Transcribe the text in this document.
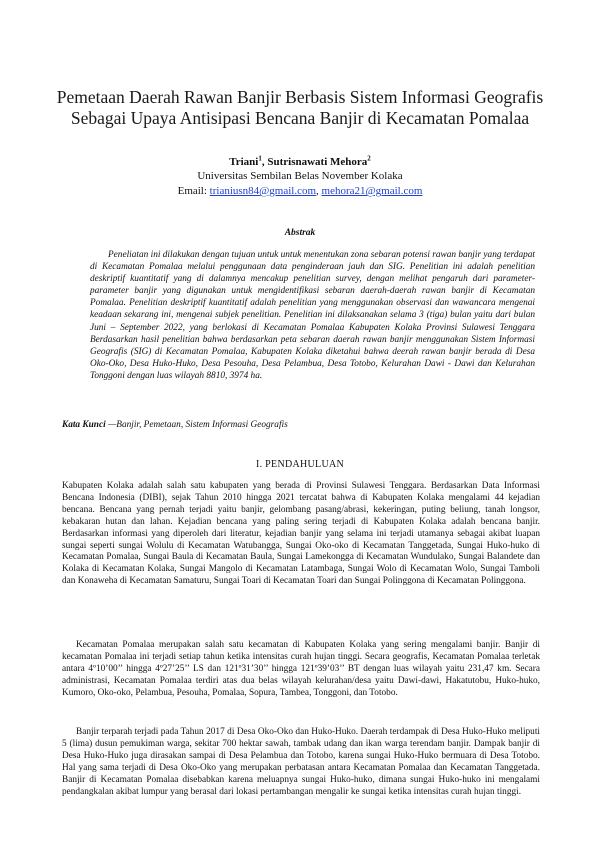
Pemetaan Daerah Rawan Banjir Berbasis Sistem Informasi Geografis Sebagai Upaya Antisipasi Bencana Banjir di Kecamatan Pomalaa
Triani$^1$, Sutrisnawati Mehora$^2$
Universitas Sembilan Belas November Kolaka
Email: trianiusn84@gmail.com, mehora21@gmail.com
Abstrak
Peneliatan ini dilakukan dengan tujuan untuk untuk menentukan zona sebaran potensi rawan banjir yang terdapat di Kecamatan Pomalaa melalui penggunaan data penginderaan jauh dan SIG. Penelitian ini adalah penelitian deskriptif kuantitatif yang di dalamnya mencakup penelitian survey, dengan melihat pengaruh dari parameter-parameter banjir yang digunakan untuk mengidentifikasi sebaran daerah-daerah rawan banjir di Kecamatan Pomalaa. Penelitian deskriptif kuantitatif adalah penelitian yang menggunakan observasi dan wawancara mengenai keadaan sekarang ini, mengenai subjek penelitian. Penelitian ini dilaksanakan selama 3 (tiga) bulan yaitu dari bulan Juni – September 2022, yang berlokasi di Kecamatan Pomalaa Kabupaten Kolaka Provinsi Sulawesi Tenggara Berdasarkan hasil penelitian bahwa berdasarkan peta sebaran daerah rawan banjir menggunakan Sistem Informasi Geografis (SIG) di Kecamatan Pomalaa, Kabupaten Kolaka diketahui bahwa deerah rawan banjir berada di Desa Oko-Oko, Desa Huko-Huko, Desa Pesouha, Desa Pelambua, Desa Totobo, Kelurahan Dawi - Dawi dan Kelurahan Tonggoni dengan luas wilayah 8810, 3974 ha.
Kata Kunci —Banjir, Pemetaan, Sistem Informasi Geografis
I. PENDAHULUAN
Kabupaten Kolaka adalah salah satu kabupaten yang berada di Provinsi Sulawesi Tenggara. Berdasarkan Data Informasi Bencana Indonesia (DIBI), sejak Tahun 2010 hingga 2021 tercatat bahwa di Kabupaten Kolaka mengalami 44 kejadian bencana. Bencana yang pernah terjadi yaitu banjir, gelombang pasang/abrasi, kekeringan, puting beliung, tanah longsor, kebakaran hutan dan lahan. Kejadian bencana yang paling sering terjadi di Kabupaten Kolaka adalah bencana banjir. Berdasarkan informasi yang diperoleh dari literatur, kejadian banjir yang selama ini terjadi utamanya sebagai akibat luapan sungai seperti sungai Wolulu di Kecamatan Watubangga, Sungai Oko-oko di Kecamatan Tanggetada, Sungai Huko-huko di Kecamatan Pomalaa, Sungai Baula di Kecamatan Baula, Sungai Lamekongga di Kecamatan Wundulako, Sungai Balandete dan Kolaka di Kecamatan Kolaka, Sungai Mangolo di Kecamatan Latambaga, Sungai Wolo di Kecamatan Wolo, Sungai Tamboli dan Konaweha di Kecamatan Samaturu, Sungai Toari di Kecamatan Toari dan Sungai Polinggona di Kecamatan Polinggona.
Kecamatan Pomalaa merupakan salah satu kecamatan di Kabupaten Kolaka yang sering mengalami banjir. Banjir di kecamatan Pomalaa ini terjadi setiap tahun ketika intensitas curah hujan tinggi. Secara geografis, Kecamatan Pomalaa terletak antara 4º10’00’’ hingga 4º27’25’’ LS dan 121º31’30’’ hingga 121º39’03’’ BT dengan luas wilayah yaitu 231,47 km. Secara administrasi, Kecamatan Pomalaa terdiri atas dua belas wilayah kelurahan/desa yaitu Dawi-dawi, Hakatutobu, Huko-huko, Kumoro, Oko-oko, Pelambua, Pesouha, Pomalaa, Sopura, Tambea, Tonggoni, dan Totobo.
Banjir terparah terjadi pada Tahun 2017 di Desa Oko-Oko dan Huko-Huko. Daerah terdampak di Desa Huko-Huko meliputi 5 (lima) dusun pemukiman warga, sekitar 700 hektar sawah, tambak udang dan ikan warga terendam banjir. Dampak banjir di Desa Huko-Huko juga dirasakan sampai di Desa Pelambua dan Totobo, karena sungai Huko-Huko bermuara di Desa Totobo. Hal yang sama terjadi di Desa Oko-Oko yang merupakan perbatasan antara Kecamatan Pomalaa dan Kecamatan Tanggetada. Banjir di Kecamatan Pomalaa disebabkan karena meluapnya sungai Huko-huko, dimana sungai Huko-huko ini mengalami pendangkalan akibat lumpur yang berasal dari lokasi pertambangan mengalir ke sungai ketika intensitas curah hujan tinggi.
